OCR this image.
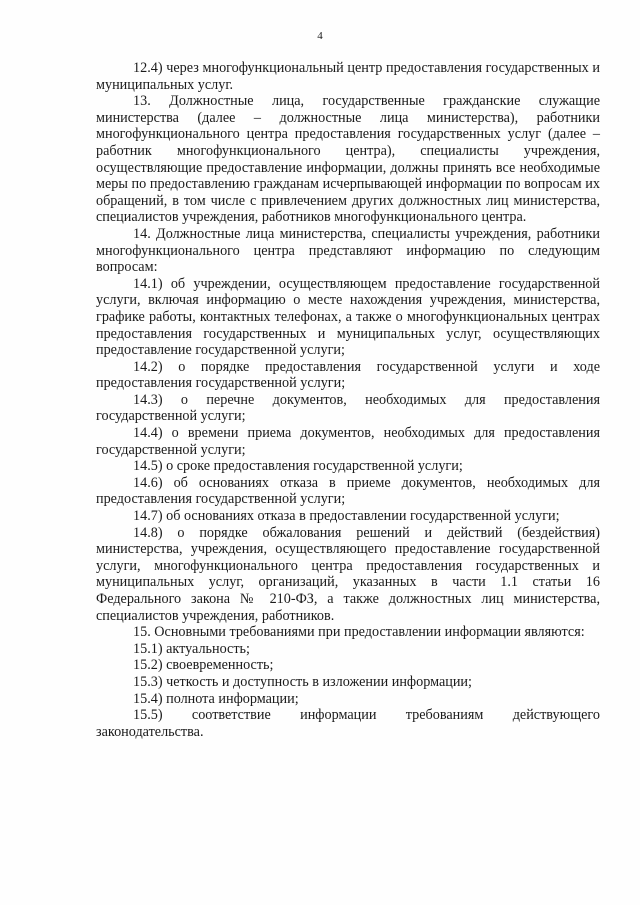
4

12.4) через многофункциональный центр предоставления государственных и муниципальных услуг.

13. Должностные лица, государственные гражданские служащие министерства (далее – должностные лица министерства), работники многофункционального центра предоставления государственных услуг (далее – работник многофункционального центра), специалисты учреждения, осуществляющие предоставление информации, должны принять все необходимые меры по предоставлению гражданам исчерпывающей информации по вопросам их обращений, в том числе с привлечением других должностных лиц министерства, специалистов учреждения, работников многофункционального центра.

14. Должностные лица министерства, специалисты учреждения, работники многофункционального центра представляют информацию по следующим вопросам:

14.1) об учреждении, осуществляющем предоставление государственной услуги, включая информацию о месте нахождения учреждения, министерства, графике работы, контактных телефонах, а также о многофункциональных центрах предоставления государственных и муниципальных услуг, осуществляющих предоставление государственной услуги;

14.2) о порядке предоставления государственной услуги и ходе предоставления государственной услуги;

14.3) о перечне документов, необходимых для предоставления государственной услуги;

14.4) о времени приема документов, необходимых для предоставления государственной услуги;

14.5) о сроке предоставления государственной услуги;

14.6) об основаниях отказа в приеме документов, необходимых для предоставления государственной услуги;

14.7) об основаниях отказа в предоставлении государственной услуги;

14.8) о порядке обжалования решений и действий (бездействия) министерства, учреждения, осуществляющего предоставление государственной услуги, многофункционального центра предоставления государственных и муниципальных услуг, организаций, указанных в части 1.1 статьи 16 Федерального закона № 210-ФЗ, а также должностных лиц министерства, специалистов учреждения, работников.

15. Основными требованиями при предоставлении информации являются:

15.1) актуальность;

15.2) своевременность;

15.3) четкость и доступность в изложении информации;

15.4) полнота информации;

15.5) соответствие информации требованиям действующего законодательства.
